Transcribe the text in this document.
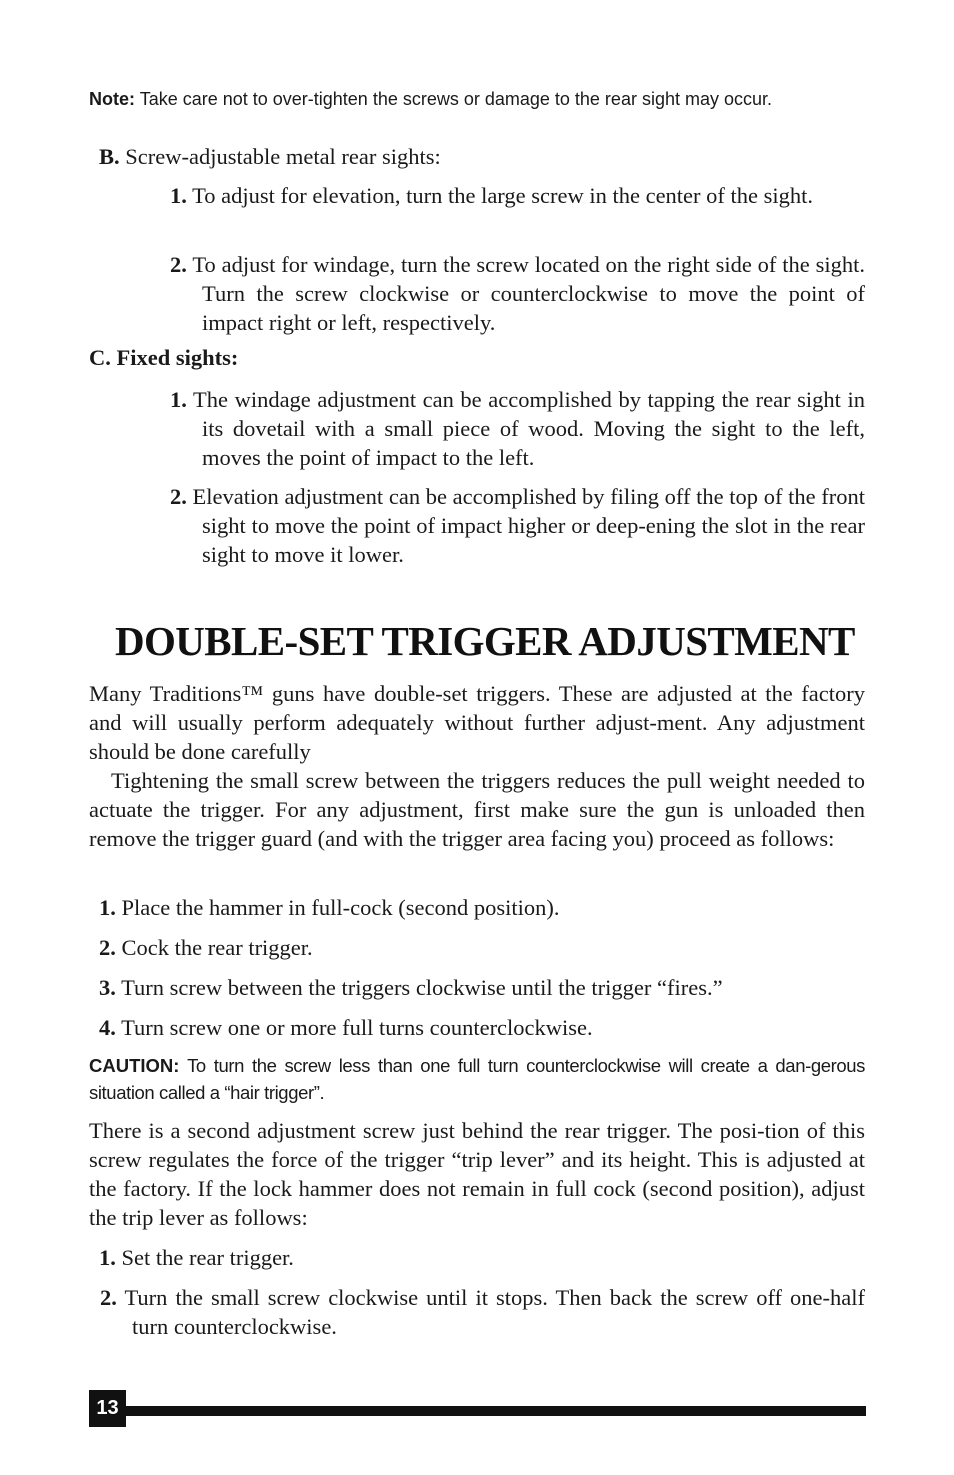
Note: Take care not to over-tighten the screws or damage to the rear sight may occur.
B. Screw-adjustable metal rear sights:
1. To adjust for elevation, turn the large screw in the center of the sight.
2. To adjust for windage, turn the screw located on the right side of the sight. Turn the screw clockwise or counterclockwise to move the point of impact right or left, respectively.
C. Fixed sights:
1. The windage adjustment can be accomplished by tapping the rear sight in its dovetail with a small piece of wood. Moving the sight to the left, moves the point of impact to the left.
2. Elevation adjustment can be accomplished by filing off the top of the front sight to move the point of impact higher or deep-ening the slot in the rear sight to move it lower.
Many Traditions™ guns have double-set triggers. These are adjusted at the factory and will usually perform adequately without further adjust-ment. Any adjustment should be done carefully
Tightening the small screw between the triggers reduces the pull weight needed to actuate the trigger. For any adjustment, first make sure the gun is unloaded then remove the trigger guard (and with the trigger area facing you) proceed as follows:
1. Place the hammer in full-cock (second position).
2. Cock the rear trigger.
3. Turn screw between the triggers clockwise until the trigger “fires.”
4. Turn screw one or more full turns counterclockwise.
CAUTION: To turn the screw less than one full turn counterclockwise will create a dan-gerous situation called a “hair trigger”.
There is a second adjustment screw just behind the rear trigger. The posi-tion of this screw regulates the force of the trigger “trip lever” and its height. This is adjusted at the factory. If the lock hammer does not remain in full cock (second position), adjust the trip lever as follows:
1. Set the rear trigger.
2. Turn the small screw clockwise until it stops. Then back the screw off one-half turn counterclockwise.
DOUBLE-SET TRIGGER ADJUSTMENT
13
